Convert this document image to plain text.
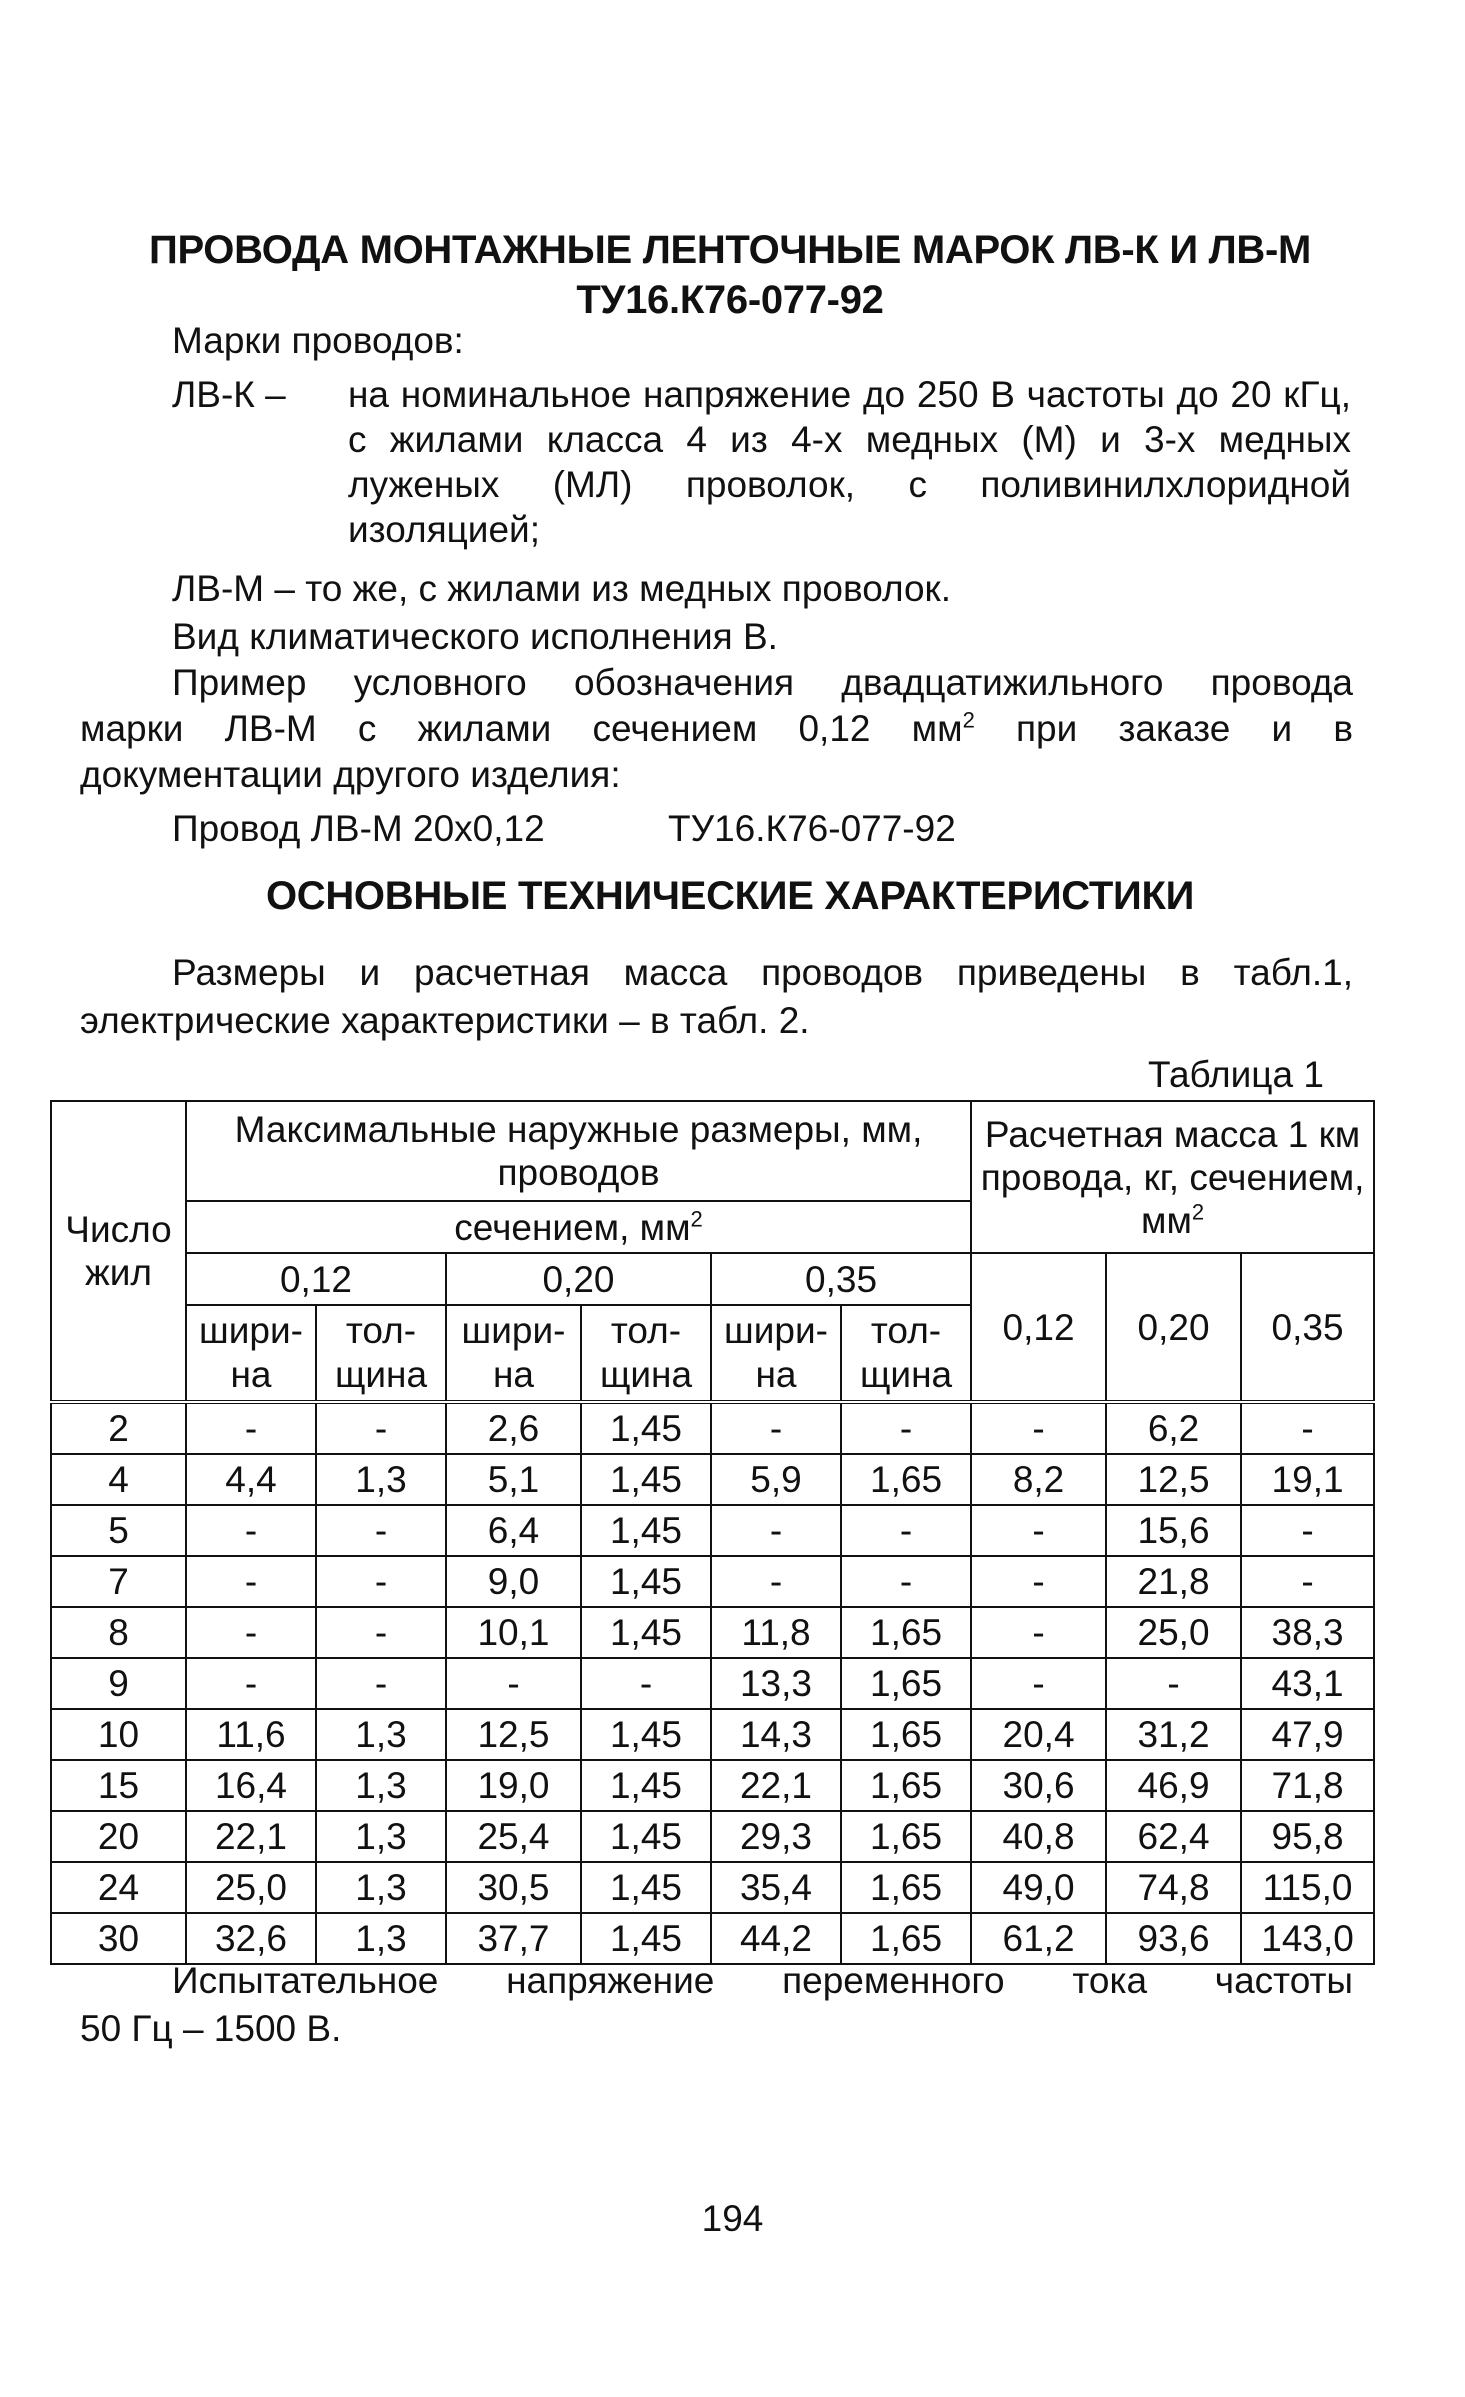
ПРОВОДА МОНТАЖНЫЕ ЛЕНТОЧНЫЕ МАРОК ЛВ-К И ЛВ-М
ТУ16.К76-077-92
Марки проводов:
ЛВ-К – на номинальное напряжение до 250 В частоты до 20 кГц, с жилами класса 4 из 4-х медных (М) и 3-х медных луженых (МЛ) проволок, с поливинилхлоридной изоляцией;
ЛВ-М – то же, с жилами из медных проволок.
Вид климатического исполнения В.
Пример условного обозначения двадцатижильного провода
марки ЛВ-М с жилами сечением 0,12 $мм^2$ при заказе и в
документации другого изделия:
Провод ЛВ-М 20х0,12	ТУ16.К76-077-92
ОСНОВНЫЕ ТЕХНИЧЕСКИЕ ХАРАКТЕРИСТИКИ
Размеры и расчетная масса проводов приведены в табл.1,
электрические характеристики – в табл. 2.
Таблица 1
Число жил	Максимальные наружные размеры, мм, проводов						Расчетная масса 1 км провода, кг, сечением, $мм^2$
	сечением, $мм^2$
	0,12		0,20		0,35		0,12	0,20	0,35
	шири-на	тол-щина	шири-на	тол-щина	шири-на	тол-щина			
2	-	-	2,6	1,45	-	-	-	6,2	-
4	4,4	1,3	5,1	1,45	5,9	1,65	8,2	12,5	19,1
5	-	-	6,4	1,45	-	-	-	15,6	-
7	-	-	9,0	1,45	-	-	-	21,8	-
8	-	-	10,1	1,45	11,8	1,65	-	25,0	38,3
9	-	-	-	-	13,3	1,65	-	-	43,1
10	11,6	1,3	12,5	1,45	14,3	1,65	20,4	31,2	47,9
15	16,4	1,3	19,0	1,45	22,1	1,65	30,6	46,9	71,8
20	22,1	1,3	25,4	1,45	29,3	1,65	40,8	62,4	95,8
24	25,0	1,3	30,5	1,45	35,4	1,65	49,0	74,8	115,0
30	32,6	1,3	37,7	1,45	44,2	1,65	61,2	93,6	143,0
Испытательное напряжение переменного тока частоты
50 Гц – 1500 В.
194
